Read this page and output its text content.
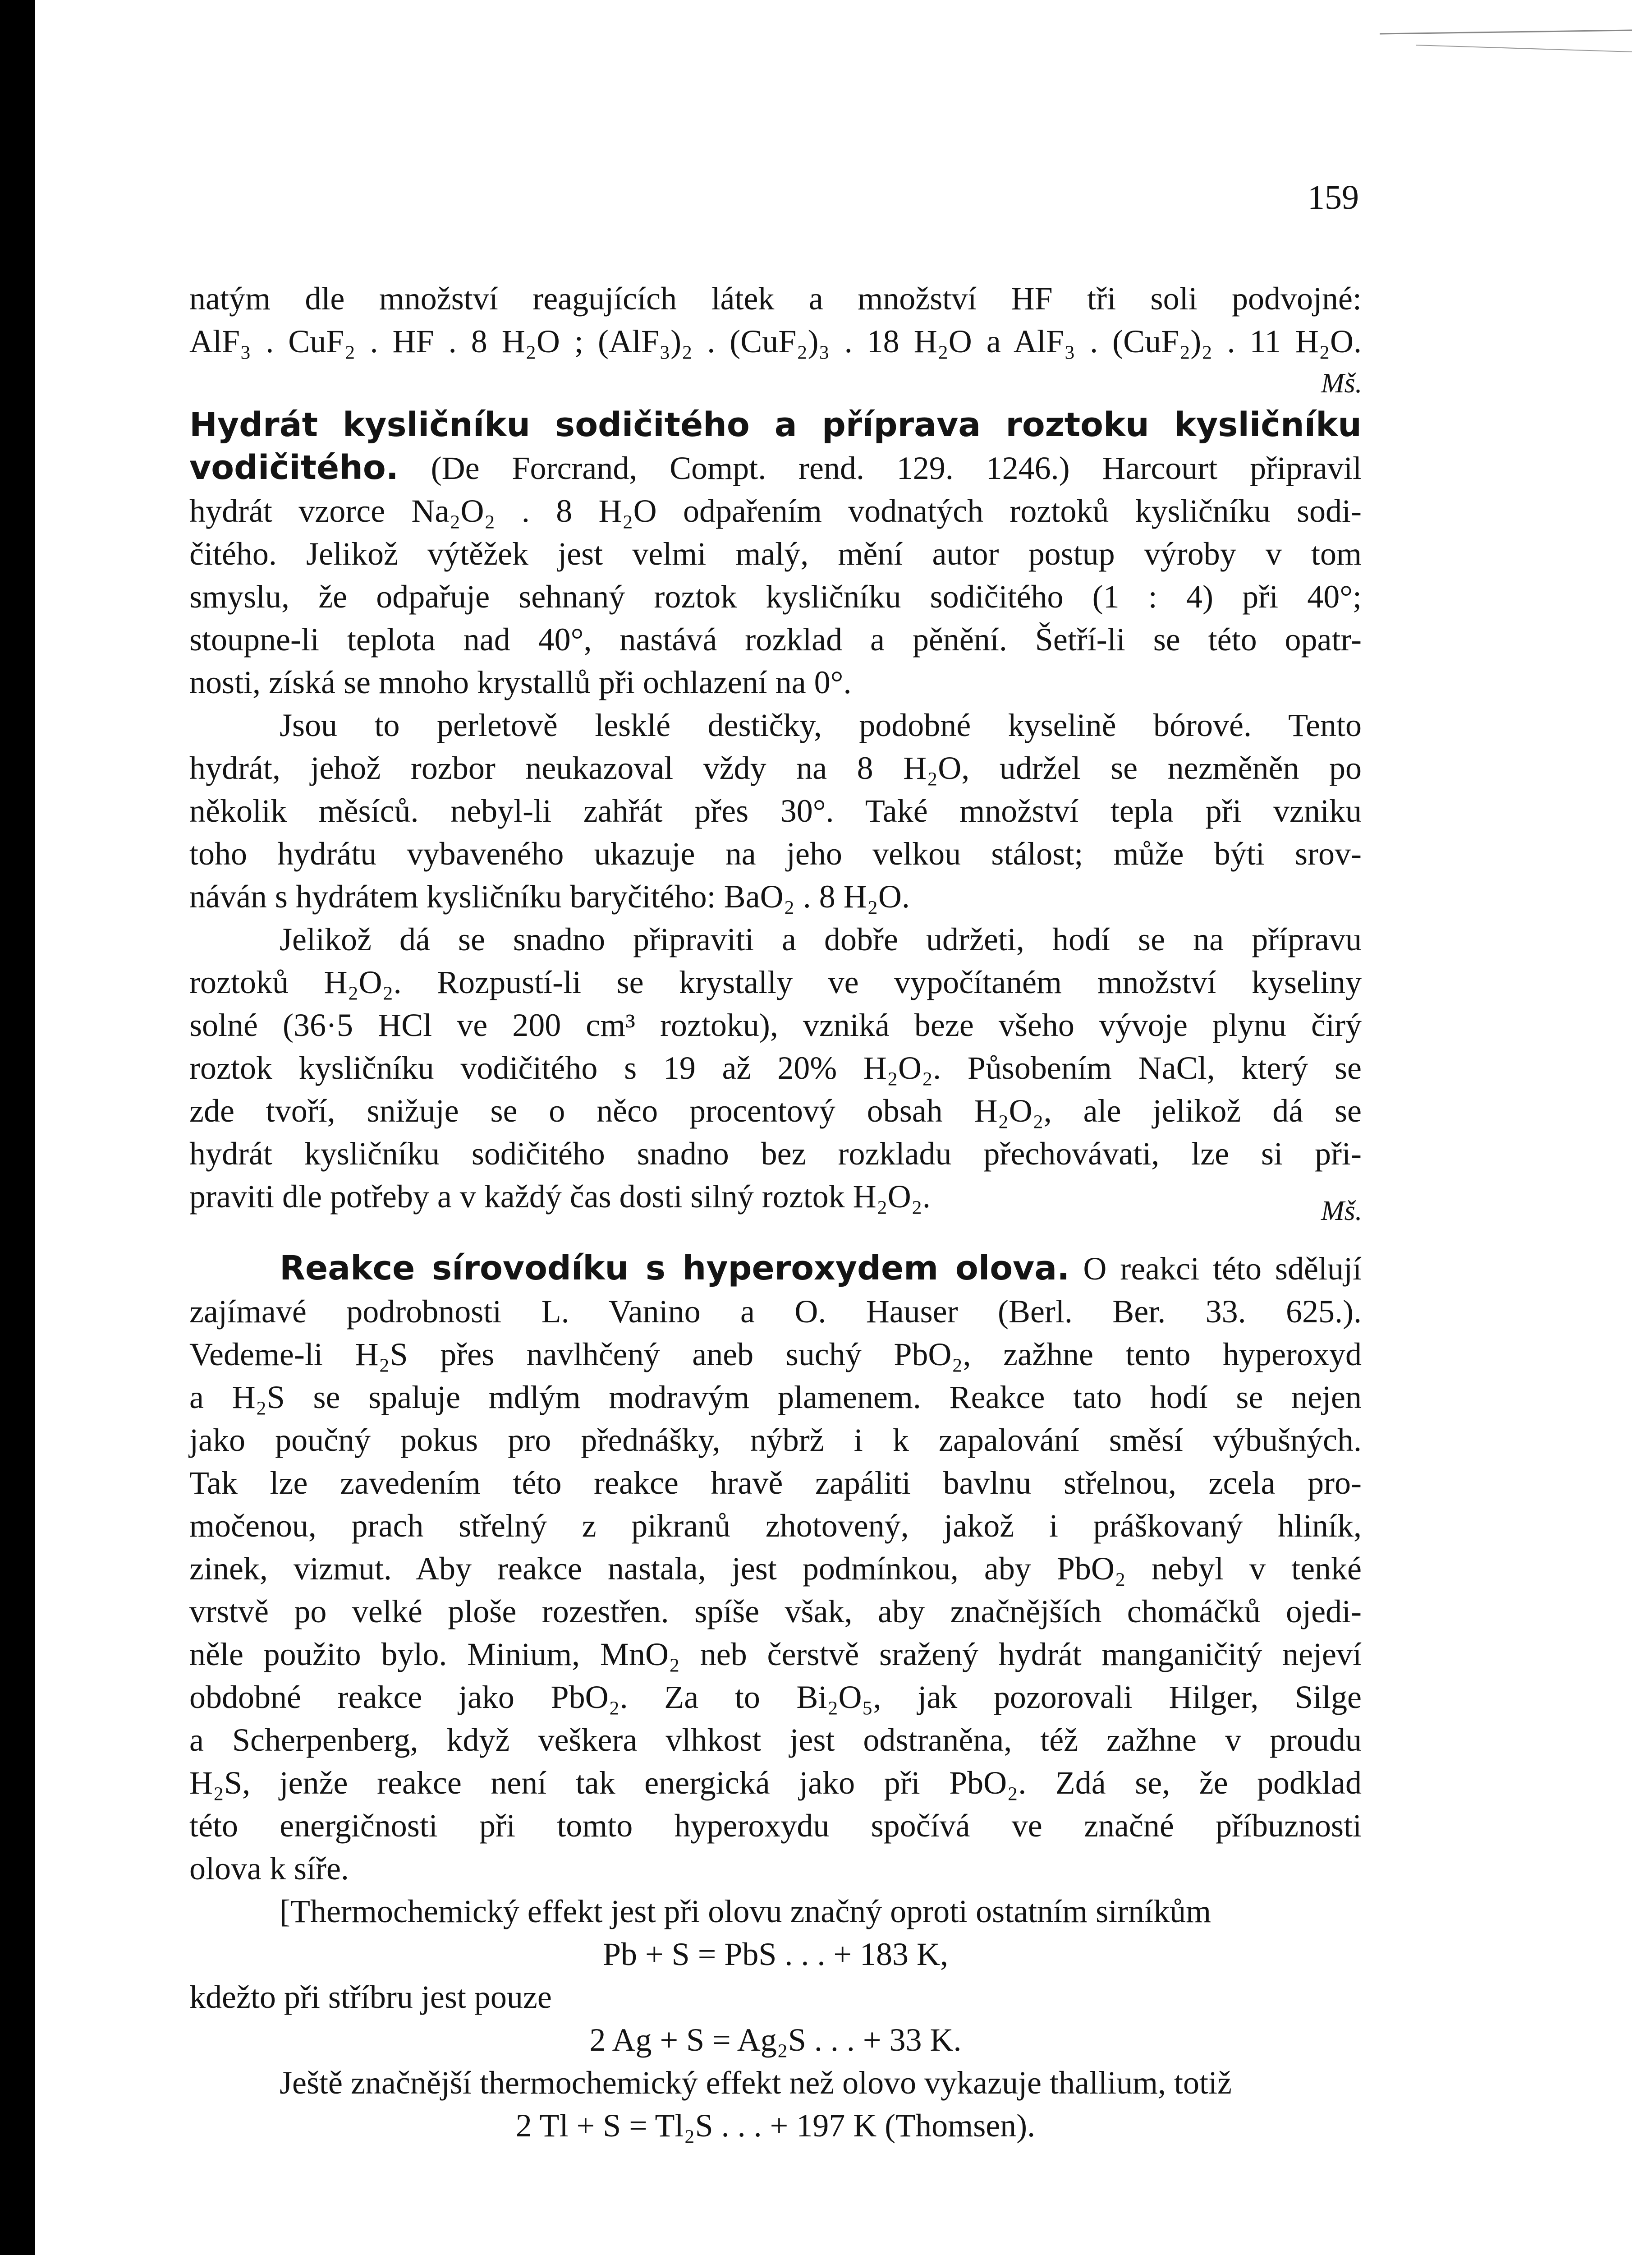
159
natým dle množství reagujících látek a množství HF tři soli podvojné:
AlF₃ . CuF₂ . HF . 8 H₂O ; (AlF₃)₂ . (CuF₂)₃ . 18 H₂O a AlF₃ . (CuF₂)₂ . 11 H₂O.
Mš.
Hydrát kysličníku sodičitého a příprava roztoku kysličníku
vodičitého. (De Forcrand, Compt. rend. 129. 1246.) Harcourt připravil
hydrát vzorce Na₂O₂ . 8 H₂O odpařením vodnatých roztoků kysličníku sodi-
čitého. Jelikož výtěžek jest velmi malý, mění autor postup výroby v tom
smyslu, že odpařuje sehnaný roztok kysličníku sodičitého (1 : 4) při 40°;
stoupne-li teplota nad 40°, nastává rozklad a pěnění. Šetří-li se této opatr-
nosti, získá se mnoho krystallů při ochlazení na 0°.
Jsou to perletově lesklé destičky, podobné kyselině bórové. Tento
hydrát, jehož rozbor neukazoval vždy na 8 H₂O, udržel se nezměněn po
několik měsíců. nebyl-li zahřát přes 30°. Také množství tepla při vzniku
toho hydrátu vybaveného ukazuje na jeho velkou stálost; může býti srov-
náván s hydrátem kysličníku baryčitého: BaO₂ . 8 H₂O.
Jelikož dá se snadno připraviti a dobře udržeti, hodí se na přípravu
roztoků H₂O₂. Rozpustí-li se krystally ve vypočítaném množství kyseliny
solné (36·5 HCl ve 200 cm³ roztoku), vzniká beze všeho vývoje plynu čirý
roztok kysličníku vodičitého s 19 až 20% H₂O₂. Působením NaCl, který se
zde tvoří, snižuje se o něco procentový obsah H₂O₂, ale jelikož dá se
hydrát kysličníku sodičitého snadno bez rozkladu přechovávati, lze si při-
praviti dle potřeby a v každý čas dosti silný roztok H₂O₂.	Mš.
Reakce sírovodíku s hyperoxydem olova. O reakci této sdělují
zajímavé podrobnosti L. Vanino a O. Hauser (Berl. Ber. 33. 625.).
Vedeme-li H₂S přes navlhčený aneb suchý PbO₂, zažhne tento hyperoxyd
a H₂S se spaluje mdlým modravým plamenem. Reakce tato hodí se nejen
jako poučný pokus pro přednášky, nýbrž i k zapalování směsí výbušných.
Tak lze zavedením této reakce hravě zapáliti bavlnu střelnou, zcela pro-
močenou, prach střelný z pikranů zhotovený, jakož i práškovaný hliník,
zinek, vizmut. Aby reakce nastala, jest podmínkou, aby PbO₂ nebyl v tenké
vrstvě po velké ploše rozestřen. spíše však, aby značnějších chomáčků ojedi-
něle použito bylo. Minium, MnO₂ neb čerstvě sražený hydrát manganičitý nejeví
obdobné reakce jako PbO₂. Za to Bi₂O₅, jak pozorovali Hilger, Silge
a Scherpenberg, když veškera vlhkost jest odstraněna, též zažhne v proudu
H₂S, jenže reakce není tak energická jako při PbO₂. Zdá se, že podklad
této energičnosti při tomto hyperoxydu spočívá ve značné příbuznosti
olova k síře.
[Thermochemický effekt jest při olovu značný oproti ostatním sirníkům
Pb + S = PbS . . . + 183 K,
kdežto při stříbru jest pouze
2 Ag + S = Ag₂S . . . + 33 K.
Ještě značnější thermochemický effekt než olovo vykazuje thallium, totiž
2 Tl + S = Tl₂S . . . + 197 K (Thomsen).
